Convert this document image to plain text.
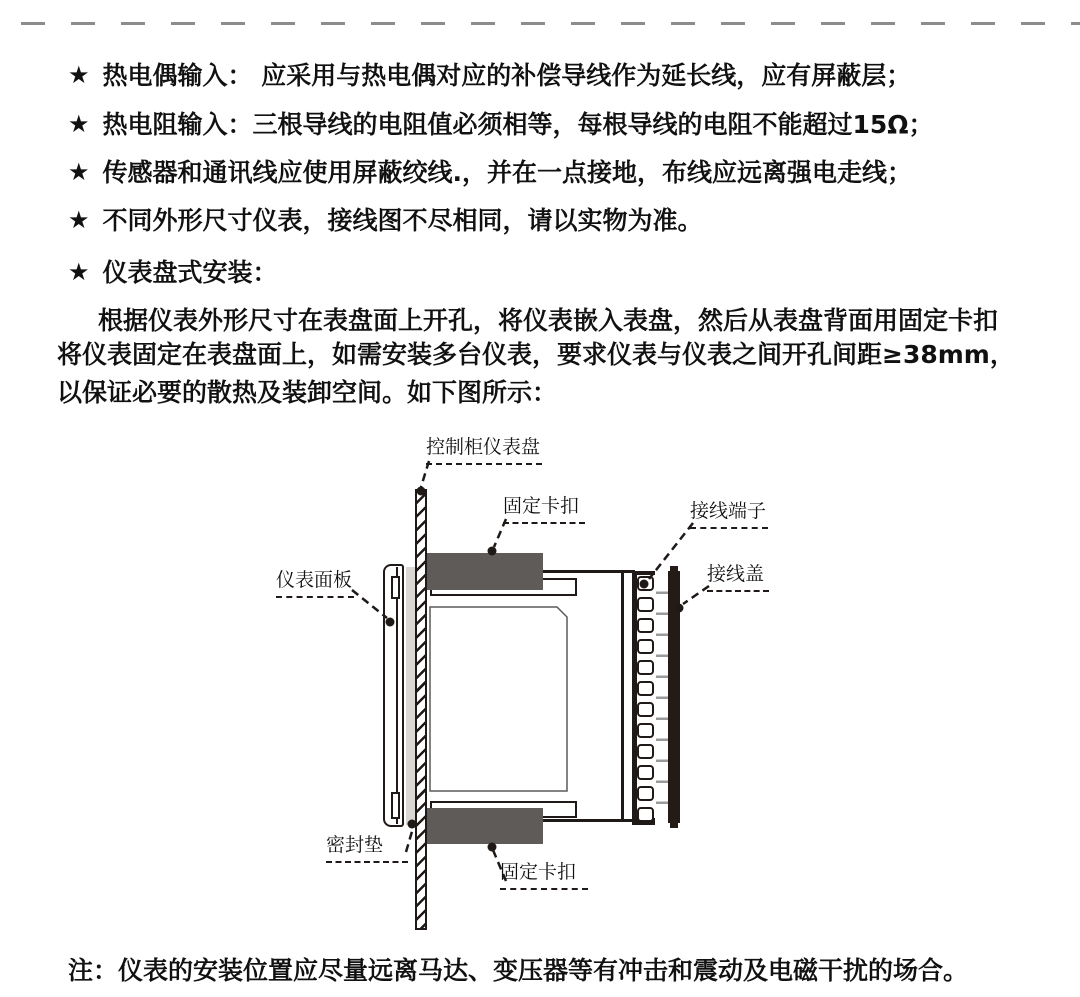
★ 热电偶输入： 应采用与热电偶对应的补偿导线作为延长线，应有屏蔽层；
★ 热电阻输入：三根导线的电阻值必须相等，每根导线的电阻不能超过15Ω；
★ 传感器和通讯线应使用屏蔽绞线.，并在一点接地，布线应远离强电走线；
★ 不同外形尺寸仪表，接线图不尽相同，请以实物为准。
★ 仪表盘式安装：
根据仪表外形尺寸在表盘面上开孔，将仪表嵌入表盘，然后从表盘背面用固定卡扣
将仪表固定在表盘面上，如需安装多台仪表，要求仪表与仪表之间开孔间距≥38mm，
以保证必要的散热及装卸空间。如下图所示：
控制柜仪表盘
固定卡扣	接线端子
接线盖
仪表面板
密封垫
固定卡扣
注：仪表的安装位置应尽量远离马达、变压器等有冲击和震动及电磁干扰的场合。
